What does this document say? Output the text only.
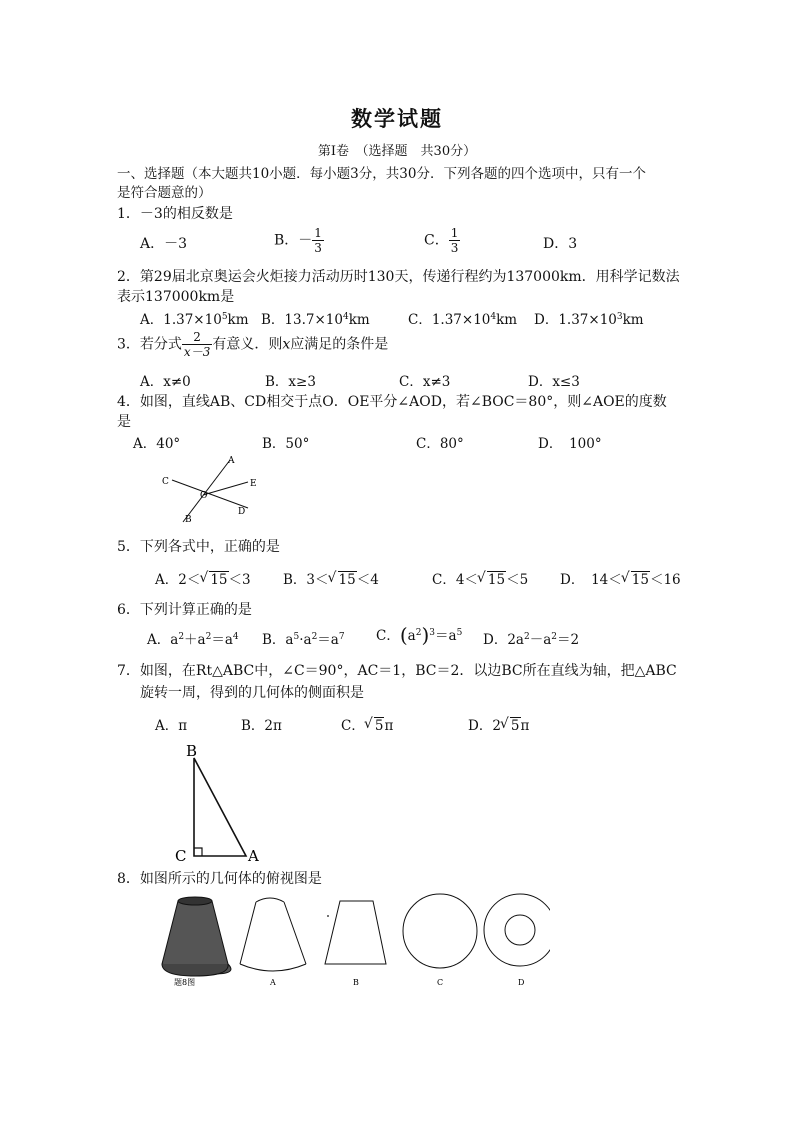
数学试题
第Ⅰ卷　（选择题　共30分）
一、选择题（本大题共10小题．每小题3分，共30分．下列各题的四个选项中，只有一个
是符合题意的）
1．－3的相反数是
A．－3	B．－ $\frac{1}{3}$	C． $\frac{1}{3}$	D．3
2．第29届北京奥运会火炬接力活动历时130天，传递行程约为137000km．用科学记数法
表示137000km是
A．$1.37\times 10^5km$ B．$13.7\times 10^4km$	C．$1.37\times 10^4km$ D．$1.37\times 10^3km$
3．若分式 $\frac{2}{x-3}$ 有意义．则x应满足的条件是
A．x≠0	B．x≥3	C．x≠3	D．x≤3
4．如图，直线AB、CD相交于点O．OE平分∠AOD，若∠BOC＝80°，则∠AOE的度数
是
A．40°	B．50°	C．80°	D．　100°
A
C
O
E
D
B
5．下列各式中，正确的是
A．2＜ √ 15＜3 B．3＜ √ 15＜4	C．4＜ √ 15＜5 D．　14＜ √ 15＜16
6．下列计算正确的是
A．$a^2+a^2=a^4$ B．$a^5\cdot a^2=a^7$ C．$(a^2)^3=a^5$ D．$2a^2-a^2=2$
7．如图，在Rt△ABC中，∠C＝90°，AC＝1，BC＝2．以边BC所在直线为轴，把△ABC
旋转一周，得到的几何体的侧面积是
A．π	B．2π	C． √ 5π	D．2 √ 5π
B
C	A
8．如图所示的几何体的俯视图是
题8图	A	B	C	D
